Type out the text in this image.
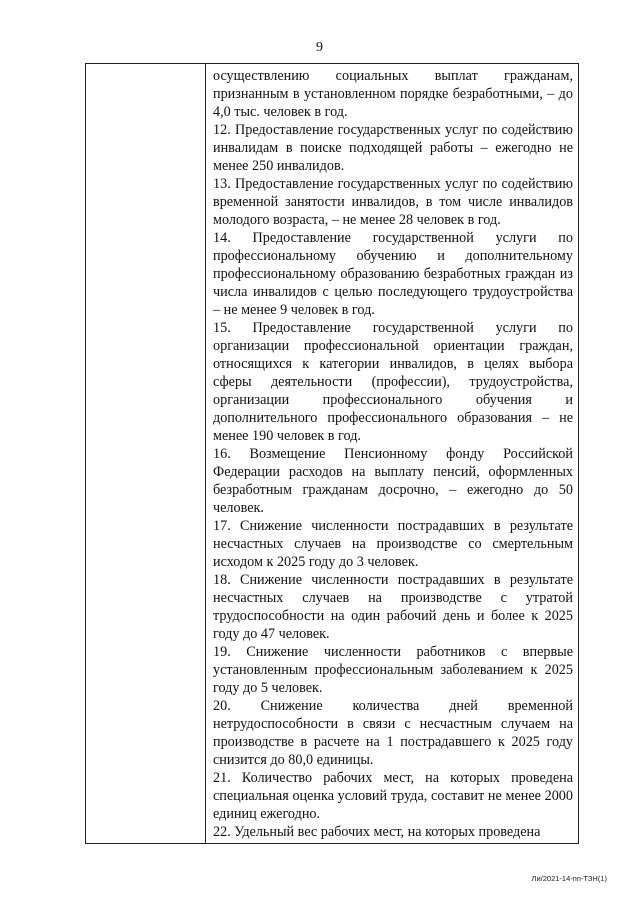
9

осуществлению социальных выплат гражданам, признанным в установленном порядке безработными, – до 4,0 тыс. человек в год.
12. Предоставление государственных услуг по содействию инвалидам в поиске подходящей работы – ежегодно не менее 250 инвалидов.
13. Предоставление государственных услуг по содействию временной занятости инвалидов, в том числе инвалидов молодого возраста, – не менее 28 человек в год.
14. Предоставление государственной услуги по профессиональному обучению и дополнительному профессиональному образованию безработных граждан из числа инвалидов с целью последующего трудоустройства – не менее 9 человек в год.
15. Предоставление государственной услуги по организации профессиональной ориентации граждан, относящихся к категории инвалидов, в целях выбора сферы деятельности (профессии), трудоустройства, организации профессионального обучения и дополнительного профессионального образования – не менее 190 человек в год.
16. Возмещение Пенсионному фонду Российской Федерации расходов на выплату пенсий, оформленных безработным гражданам досрочно, – ежегодно до 50 человек.
17. Снижение численности пострадавших в результате несчастных случаев на производстве со смертельным исходом к 2025 году до 3 человек.
18. Снижение численности пострадавших в результате несчастных случаев на производстве с утратой трудоспособности на один рабочий день и более к 2025 году до 47 человек.
19. Снижение численности работников с впервые установленным профессиональным заболеванием к 2025 году до 5 человек.
20. Снижение количества дней временной нетрудоспособности в связи с несчастным случаем на производстве в расчете на 1 пострадавшего к 2025 году снизится до 80,0 единицы.
21. Количество рабочих мест, на которых проведена специальная оценка условий труда, составит не менее 2000 единиц ежегодно.
22. Удельный вес рабочих мест, на которых проведена
Ли/2021-14-пп-ТЗН(1)
